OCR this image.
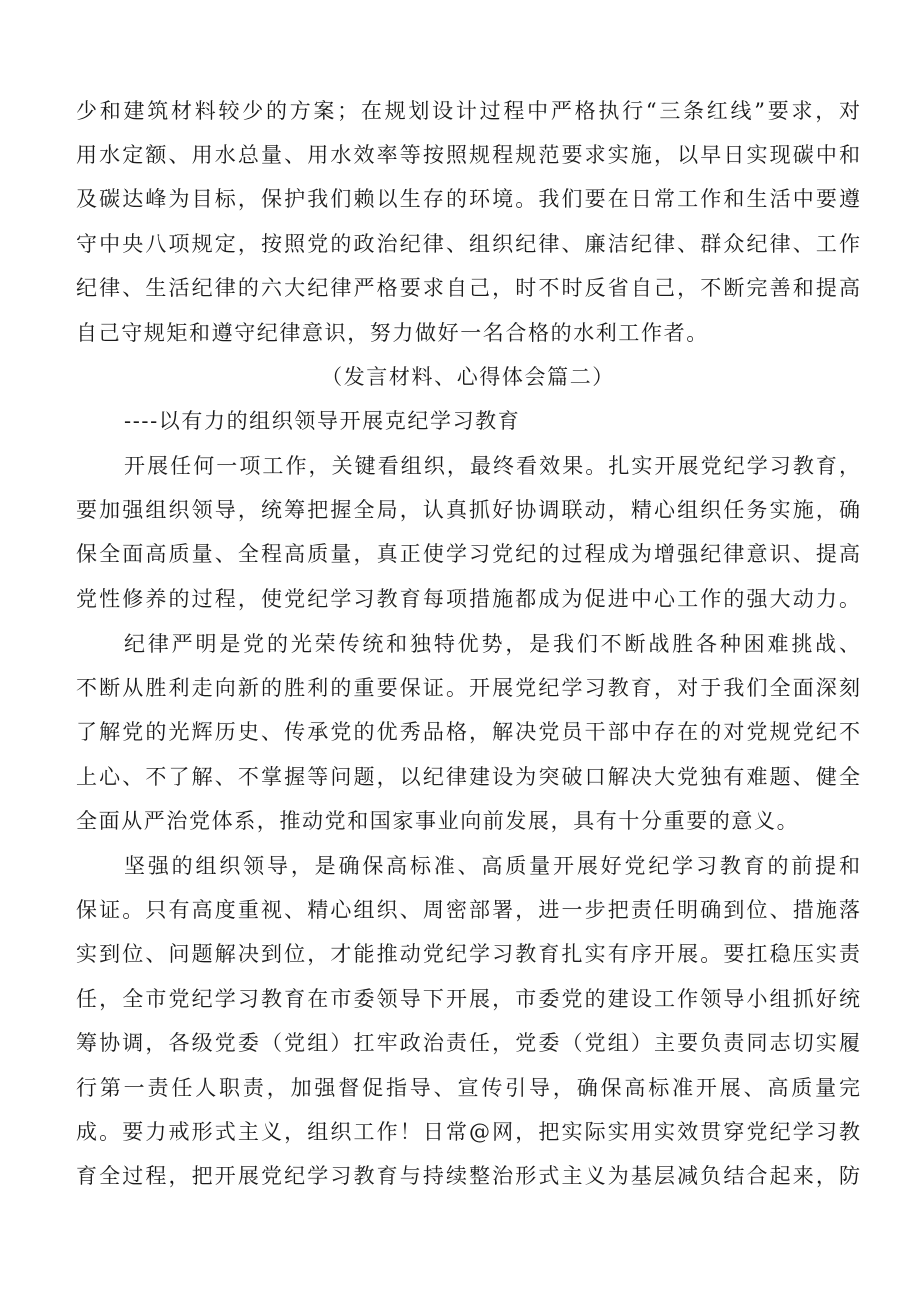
少和建筑材料较少的方案；在规划设计过程中严格执行“三条红线”要求，对
用水定额、用水总量、用水效率等按照规程规范要求实施，以早日实现碳中和
及碳达峰为目标，保护我们赖以生存的环境。我们要在日常工作和生活中要遵
守中央八项规定，按照党的政治纪律、组织纪律、廉洁纪律、群众纪律、工作
纪律、生活纪律的六大纪律严格要求自己，时不时反省自己，不断完善和提高
自己守规矩和遵守纪律意识，努力做好一名合格的水利工作者。
（发言材料、心得体会篇二）
----以有力的组织领导开展克纪学习教育
开展任何一项工作，关键看组织，最终看效果。扎实开展党纪学习教育，
要加强组织领导，统筹把握全局，认真抓好协调联动，精心组织任务实施，确
保全面高质量、全程高质量，真正使学习党纪的过程成为增强纪律意识、提高
党性修养的过程，使党纪学习教育每项措施都成为促进中心工作的强大动力。
纪律严明是党的光荣传统和独特优势，是我们不断战胜各种困难挑战、
不断从胜利走向新的胜利的重要保证。开展党纪学习教育，对于我们全面深刻
了解党的光辉历史、传承党的优秀品格，解决党员干部中存在的对党规党纪不
上心、不了解、不掌握等问题，以纪律建设为突破口解决大党独有难题、健全
全面从严治党体系，推动党和国家事业向前发展，具有十分重要的意义。
坚强的组织领导，是确保高标准、高质量开展好党纪学习教育的前提和
保证。只有高度重视、精心组织、周密部署，进一步把责任明确到位、措施落
实到位、问题解决到位，才能推动党纪学习教育扎实有序开展。要扛稳压实责
任，全市党纪学习教育在市委领导下开展，市委党的建设工作领导小组抓好统
筹协调，各级党委（党组）扛牢政治责任，党委（党组）主要负责同志切实履
行第一责任人职责，加强督促指导、宣传引导，确保高标准开展、高质量完
成。要力戒形式主义，组织工作！日常@网，把实际实用实效贯穿党纪学习教
育全过程，把开展党纪学习教育与持续整治形式主义为基层减负结合起来，防
